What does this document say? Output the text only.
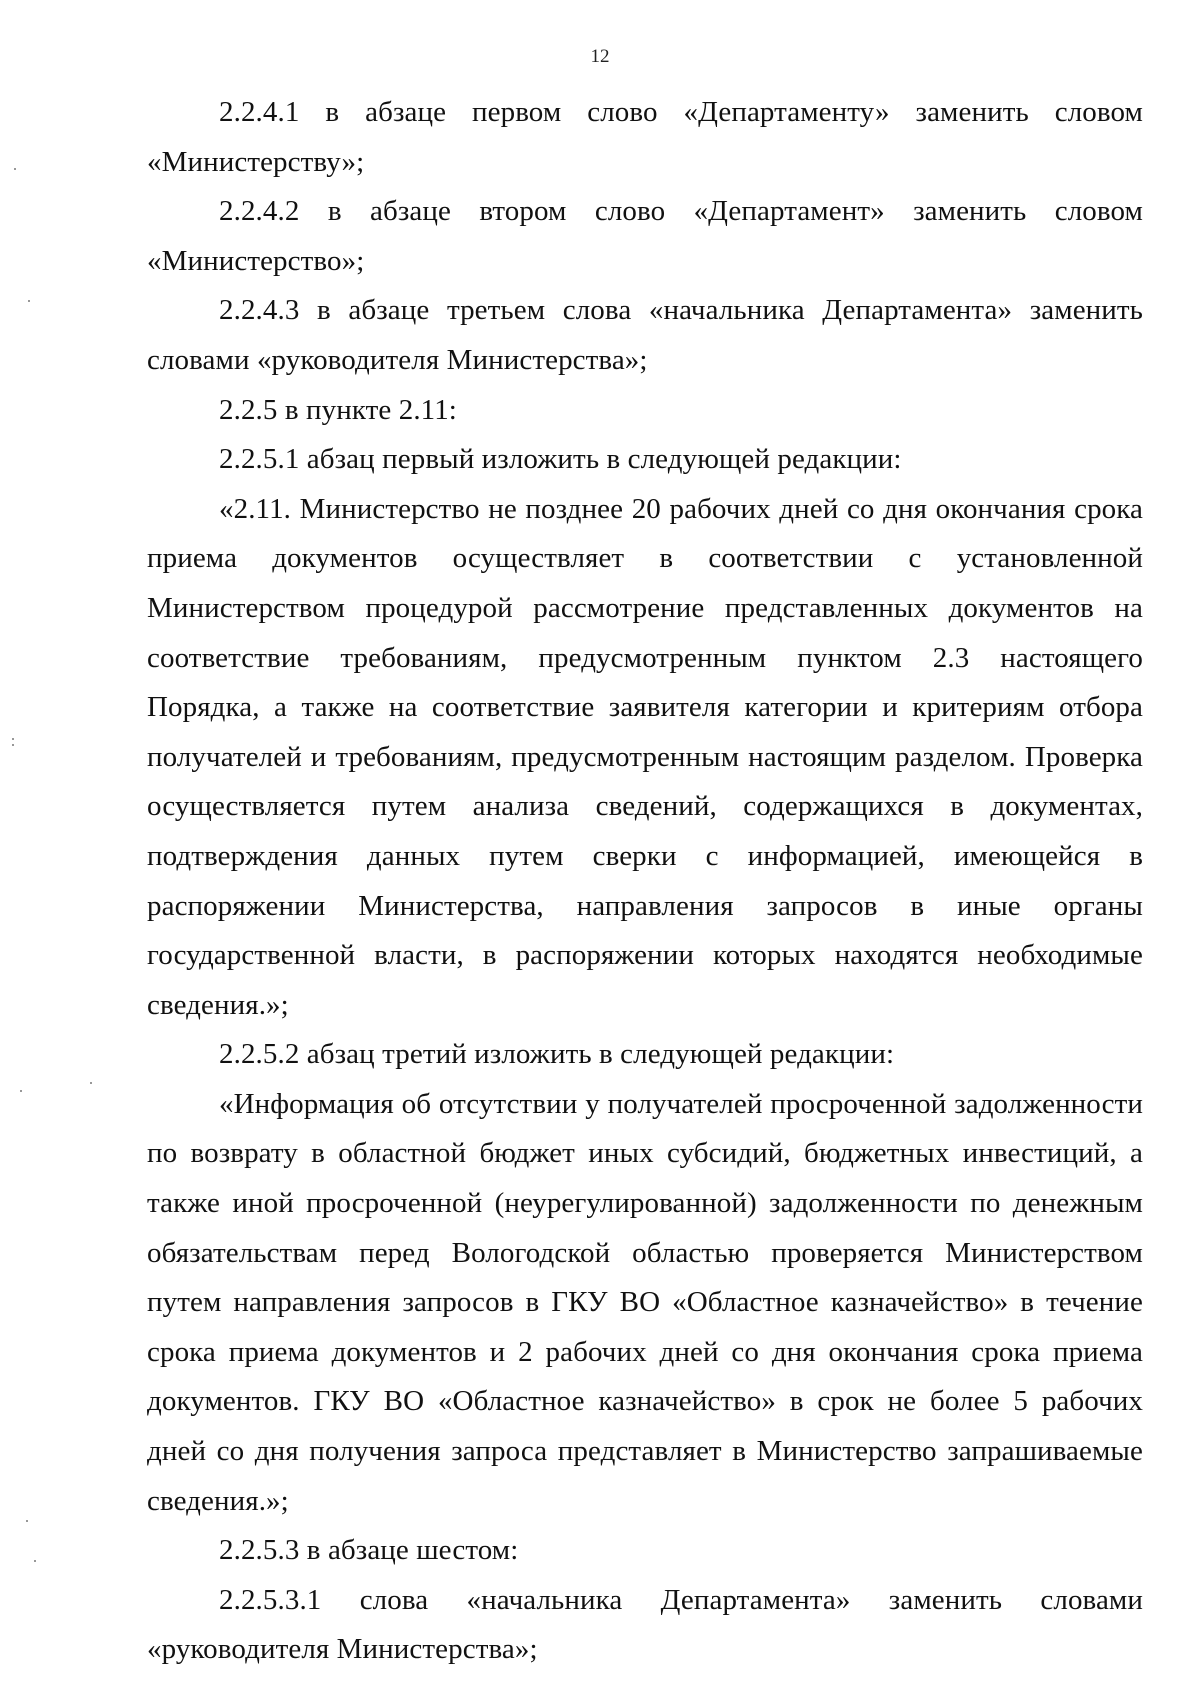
12

2.2.4.1 в абзаце первом слово «Департаменту» заменить словом «Министерству»;

2.2.4.2 в абзаце втором слово «Департамент» заменить словом «Министерство»;

2.2.4.3 в абзаце третьем слова «начальника Департамента» заменить словами «руководителя Министерства»;

2.2.5 в пункте 2.11:

2.2.5.1 абзац первый изложить в следующей редакции:

«2.11. Министерство не позднее 20 рабочих дней со дня окончания срока приема документов осуществляет в соответствии с установленной Министерством процедурой рассмотрение представленных документов на соответствие требованиям, предусмотренным пунктом 2.3 настоящего Порядка, а также на соответствие заявителя категории и критериям отбора получателей и требованиям, предусмотренным настоящим разделом. Проверка осуществляется путем анализа сведений, содержащихся в документах, подтверждения данных путем сверки с информацией, имеющейся в распоряжении Министерства, направления запросов в иные органы государственной власти, в распоряжении которых находятся необходимые сведения.»;

2.2.5.2 абзац третий изложить в следующей редакции:

«Информация об отсутствии у получателей просроченной задолженности по возврату в областной бюджет иных субсидий, бюджетных инвестиций, а также иной просроченной (неурегулированной) задолженности по денежным обязательствам перед Вологодской областью проверяется Министерством путем направления запросов в ГКУ ВО «Областное казначейство» в течение срока приема документов и 2 рабочих дней со дня окончания срока приема документов. ГКУ ВО «Областное казначейство» в срок не более 5 рабочих дней со дня получения запроса представляет в Министерство запрашиваемые сведения.»;

2.2.5.3 в абзаце шестом:

2.2.5.3.1 слова «начальника Департамента» заменить словами «руководителя Министерства»;
